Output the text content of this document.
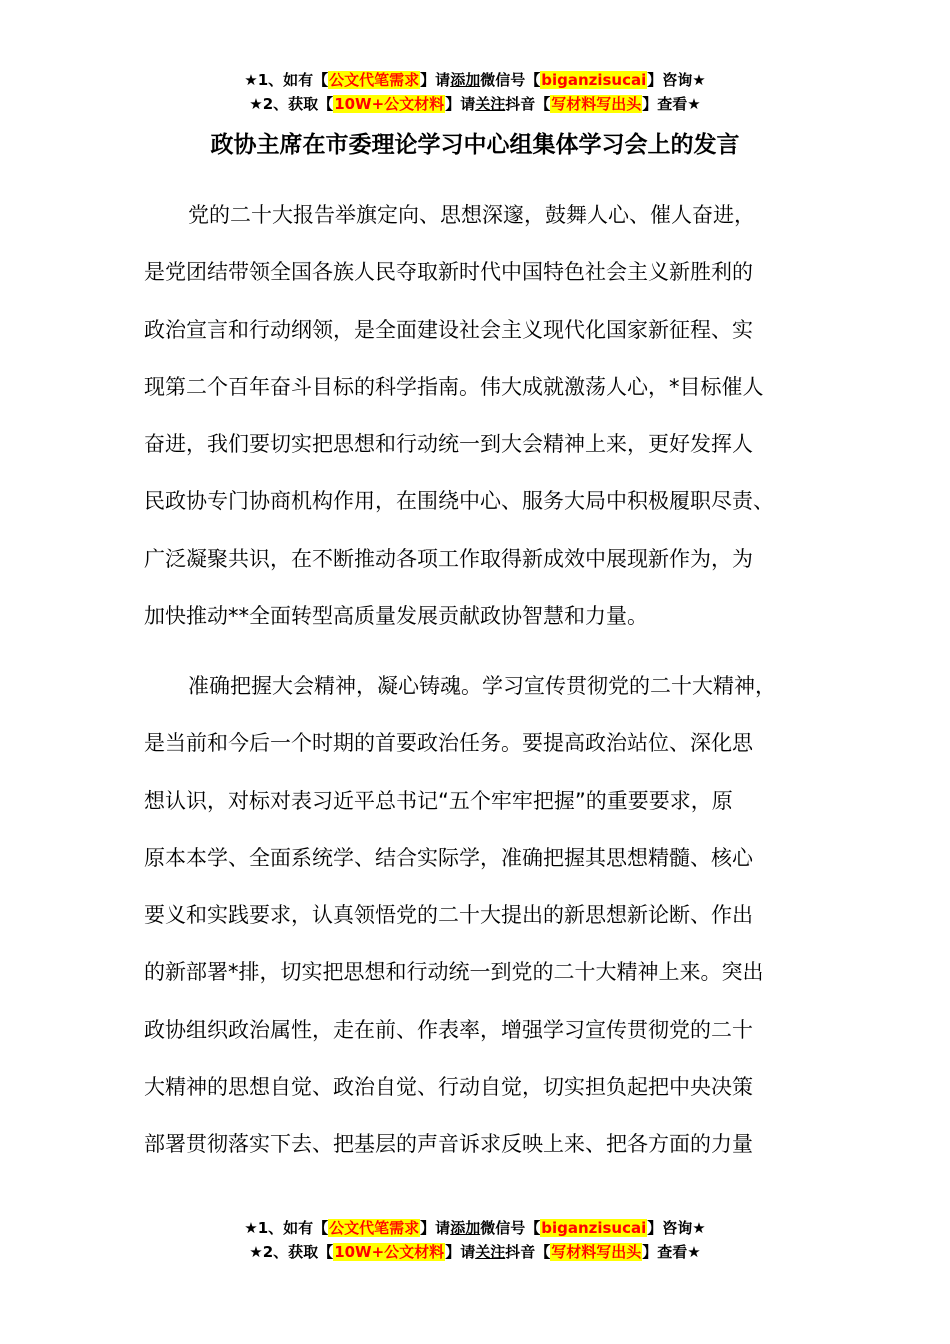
★1、如有【公文代笔需求】请添加微信号【biganzisucai】咨询★
★2、获取【10W+公文材料】请关注抖音【写材料写出头】查看★
政协主席在市委理论学习中心组集体学习会上的发言
党的二十大报告举旗定向、思想深邃，鼓舞人心、催人奋进，
是党团结带领全国各族人民夺取新时代中国特色社会主义新胜利的
政治宣言和行动纲领，是全面建设社会主义现代化国家新征程、实
现第二个百年奋斗目标的科学指南。伟大成就激荡人心，*目标催人
奋进，我们要切实把思想和行动统一到大会精神上来，更好发挥人
民政协专门协商机构作用，在围绕中心、服务大局中积极履职尽责、
广泛凝聚共识，在不断推动各项工作取得新成效中展现新作为，为
加快推动**全面转型高质量发展贡献政协智慧和力量。
准确把握大会精神，凝心铸魂。学习宣传贯彻党的二十大精神，
是当前和今后一个时期的首要政治任务。要提高政治站位、深化思
想认识，对标对表习近平总书记“五个牢牢把握”的重要要求，原
原本本学、全面系统学、结合实际学，准确把握其思想精髓、核心
要义和实践要求，认真领悟党的二十大提出的新思想新论断、作出
的新部署*排，切实把思想和行动统一到党的二十大精神上来。突出
政协组织政治属性，走在前、作表率，增强学习宣传贯彻党的二十
大精神的思想自觉、政治自觉、行动自觉，切实担负起把中央决策
部署贯彻落实下去、把基层的声音诉求反映上来、把各方面的力量
★1、如有【公文代笔需求】请添加微信号【biganzisucai】咨询★
★2、获取【10W+公文材料】请关注抖音【写材料写出头】查看★
